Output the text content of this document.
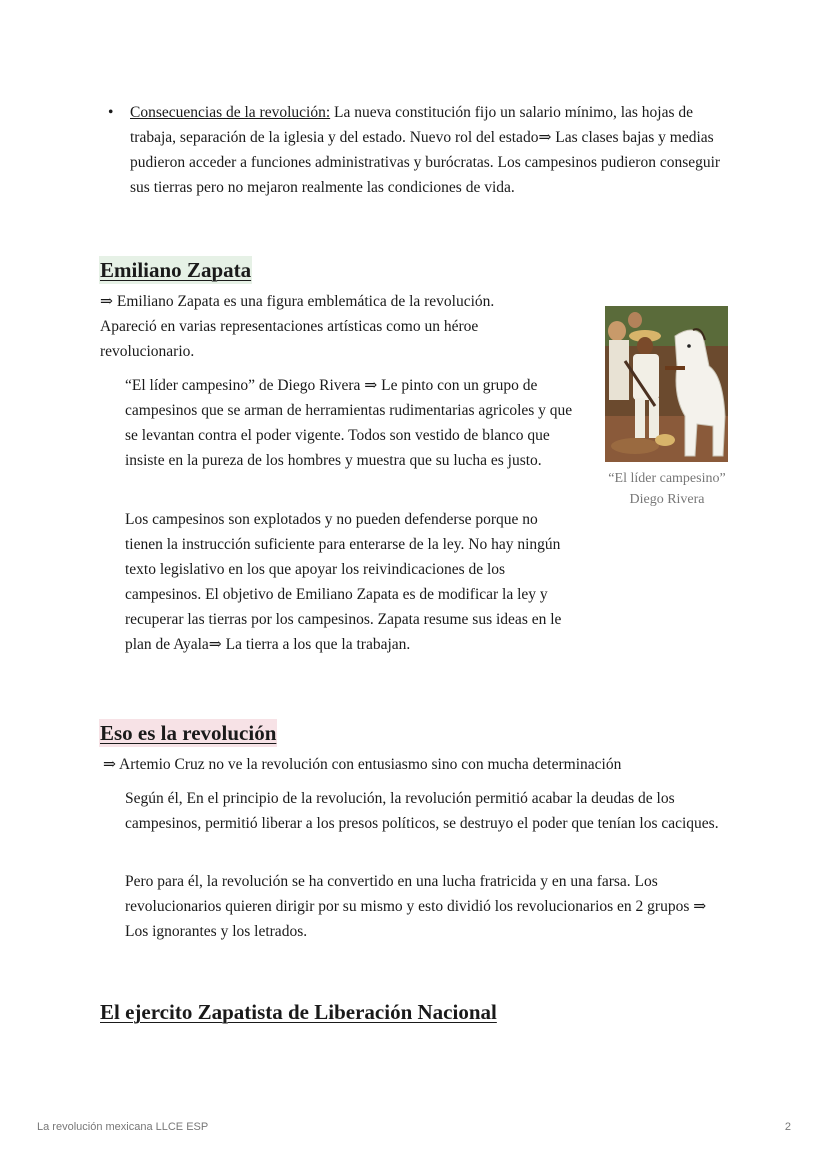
• Consecuencias de la revolución: La nueva constitución fijo un salario mínimo, las hojas de trabaja, separación de la iglesia y del estado. Nuevo rol del estado⇒ Las clases bajas y medias pudieron acceder a funciones administrativas y burócratas. Los campesinos pudieron conseguir sus tierras pero no mejaron realmente las condiciones de vida.

Emiliano Zapata

⇒ Emiliano Zapata es una figura emblemática de la revolución. Apareció en varias representaciones artísticas como un héroe revolucionario.

“El líder campesino” de Diego Rivera ⇒ Le pinto con un grupo de campesinos que se arman de herramientas rudimentarias agricoles y que se levantan contra el poder vigente. Todos son vestido de blanco que insiste en la pureza de los hombres y muestra que su lucha es justo.

Los campesinos son explotados y no pueden defenderse porque no tienen la instrucción suficiente para enterarse de la ley. No hay ningún texto legislativo en los que apoyar los reivindicaciones de los campesinos. El objetivo de Emiliano Zapata es de modificar la ley y recuperar las tierras por los campesinos. Zapata resume sus ideas en le plan de Ayala⇒ La tierra a los que la trabajan.

“El líder campesino”
Diego Rivera
Eso es la revolución

⇒ Artemio Cruz no ve la revolución con entusiasmo sino con mucha determinación

Según él, En el principio de la revolución, la revolución permitió acabar la deudas de los campesinos, permitió liberar a los presos políticos, se destruyo el poder que tenían los caciques.

Pero para él, la revolución se ha convertido en una lucha fratricida y en una farsa. Los revolucionarios quieren dirigir por su mismo y esto dividió los revolucionarios en 2 grupos ⇒ Los ignorantes y los letrados.

El ejercito Zapatista de Liberación Nacional
La revolución mexicana LLCE ESP	2
